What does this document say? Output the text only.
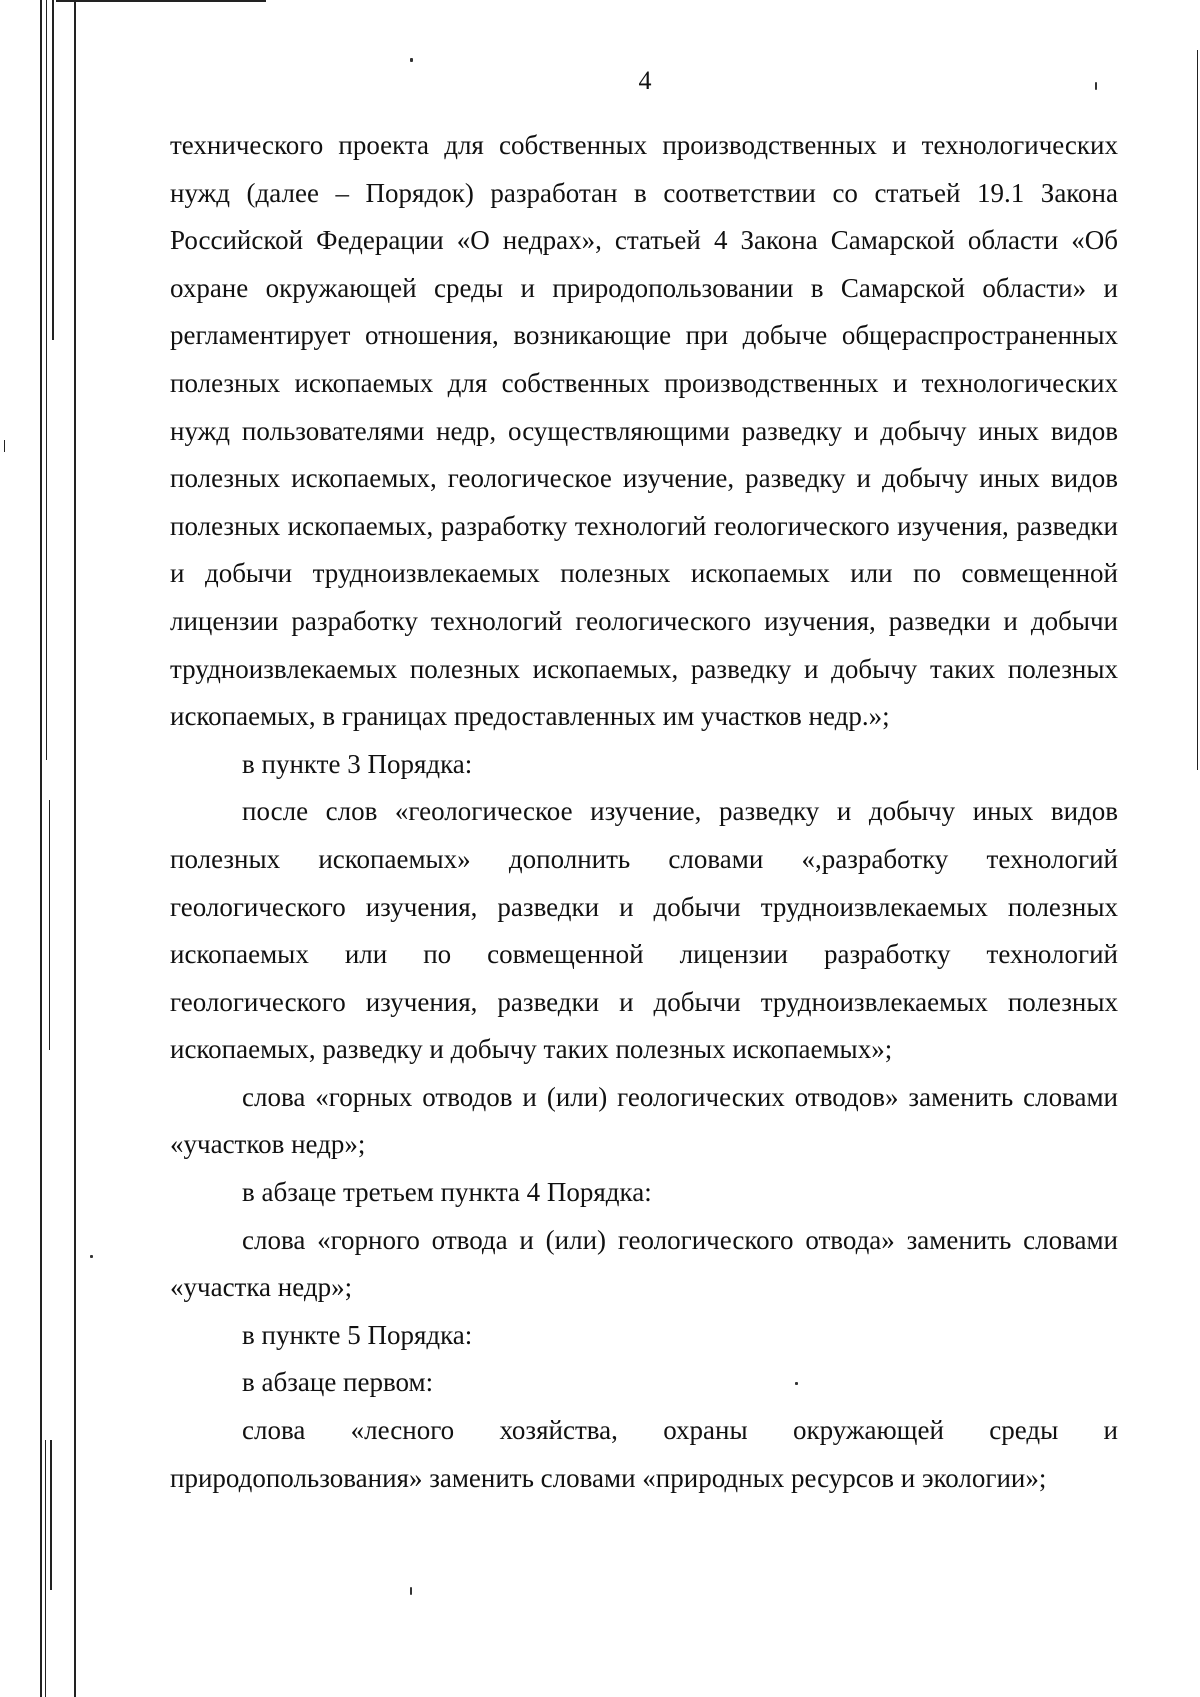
4

технического проекта для собственных производственных и технологических нужд (далее – Порядок) разработан в соответствии со статьей 19.1 Закона Российской Федерации «О недрах», статьей 4 Закона Самарской области «Об охране окружающей среды и природопользовании в Самарской области» и регламентирует отношения, возникающие при добыче общераспространенных полезных ископаемых для собственных производственных и технологических нужд пользователями недр, осуществляющими разведку и добычу иных видов полезных ископаемых, геологическое изучение, разведку и добычу иных видов полезных ископаемых, разработку технологий геологического изучения, разведки и добычи трудноизвлекаемых полезных ископаемых или по совмещенной лицензии разработку технологий геологического изучения, разведки и добычи трудноизвлекаемых полезных ископаемых, разведку и добычу таких полезных ископаемых, в границах предоставленных им участков недр.»;

в пункте 3 Порядка:

после слов «геологическое изучение, разведку и добычу иных видов полезных ископаемых» дополнить словами «,разработку технологий геологического изучения, разведки и добычи трудноизвлекаемых полезных ископаемых или по совмещенной лицензии разработку технологий геологического изучения, разведки и добычи трудноизвлекаемых полезных ископаемых, разведку и добычу таких полезных ископаемых»;

слова «горных отводов и (или) геологических отводов» заменить словами «участков недр»;

в абзаце третьем пункта 4 Порядка:

слова «горного отвода и (или) геологического отвода» заменить словами «участка недр»;

в пункте 5 Порядка:

в абзаце первом:

слова «лесного хозяйства, охраны окружающей среды и природопользования» заменить словами «природных ресурсов и экологии»;
